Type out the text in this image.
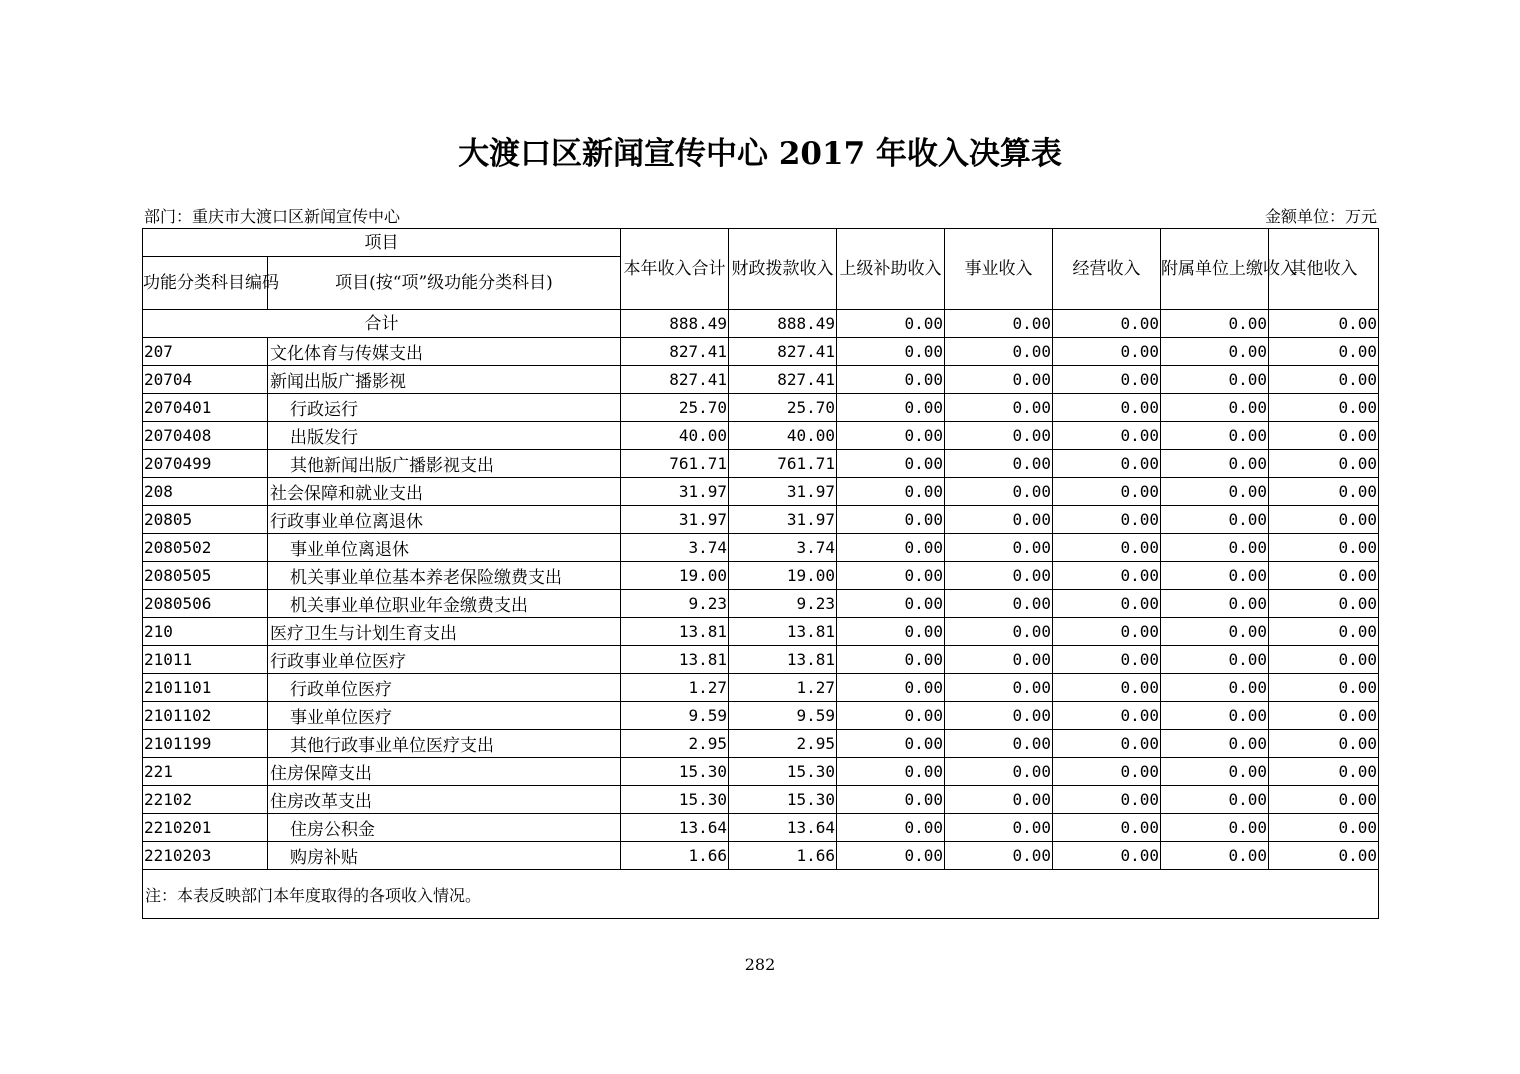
大渡口区新闻宣传中心 2017 年收入决算表
部门：重庆市大渡口区新闻宣传中心	金额单位：万元
项目		本年收入合计	财政拨款收入	上级补助收入	事业收入	经营收入	附属单位上缴收入	其他收入
功能分类科目编码	项目(按“项”级功能分类科目)							
合计		888.49	888.49	0.00	0.00	0.00	0.00	0.00
207	文化体育与传媒支出	827.41	827.41	0.00	0.00	0.00	0.00	0.00
20704	新闻出版广播影视	827.41	827.41	0.00	0.00	0.00	0.00	0.00
2070401	行政运行	25.70	25.70	0.00	0.00	0.00	0.00	0.00
2070408	出版发行	40.00	40.00	0.00	0.00	0.00	0.00	0.00
2070499	其他新闻出版广播影视支出	761.71	761.71	0.00	0.00	0.00	0.00	0.00
208	社会保障和就业支出	31.97	31.97	0.00	0.00	0.00	0.00	0.00
20805	行政事业单位离退休	31.97	31.97	0.00	0.00	0.00	0.00	0.00
2080502	事业单位离退休	3.74	3.74	0.00	0.00	0.00	0.00	0.00
2080505	机关事业单位基本养老保险缴费支出	19.00	19.00	0.00	0.00	0.00	0.00	0.00
2080506	机关事业单位职业年金缴费支出	9.23	9.23	0.00	0.00	0.00	0.00	0.00
210	医疗卫生与计划生育支出	13.81	13.81	0.00	0.00	0.00	0.00	0.00
21011	行政事业单位医疗	13.81	13.81	0.00	0.00	0.00	0.00	0.00
2101101	行政单位医疗	1.27	1.27	0.00	0.00	0.00	0.00	0.00
2101102	事业单位医疗	9.59	9.59	0.00	0.00	0.00	0.00	0.00
2101199	其他行政事业单位医疗支出	2.95	2.95	0.00	0.00	0.00	0.00	0.00
221	住房保障支出	15.30	15.30	0.00	0.00	0.00	0.00	0.00
22102	住房改革支出	15.30	15.30	0.00	0.00	0.00	0.00	0.00
2210201	住房公积金	13.64	13.64	0.00	0.00	0.00	0.00	0.00
2210203	购房补贴	1.66	1.66	0.00	0.00	0.00	0.00	0.00
注：本表反映部门本年度取得的各项收入情况。								
282
